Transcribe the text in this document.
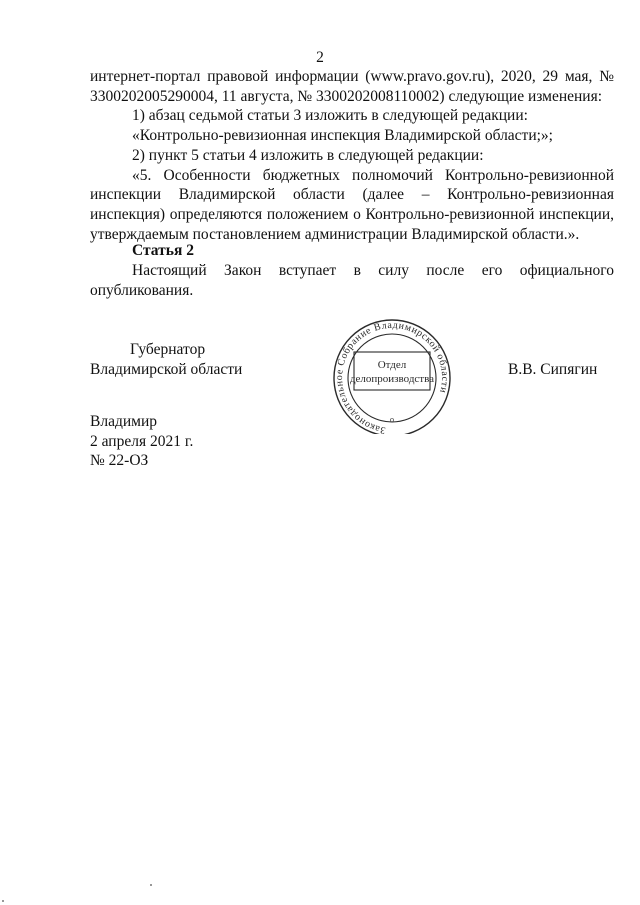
2

интернет-портал правовой информации (www.pravo.gov.ru), 2020, 29 мая, № 3300202005290004, 11 августа, № 3300202008110002) следующие изменения:

1) абзац седьмой статьи 3 изложить в следующей редакции:

«Контрольно-ревизионная инспекция Владимирской области;»;

2) пункт 5 статьи 4 изложить в следующей редакции:

«5. Особенности бюджетных полномочий Контрольно-ревизионной инспекции Владимирской области (далее – Контрольно-ревизионная инспекция) определяются положением о Контрольно-ревизионной инспекции, утверждаемым постановлением администрации Владимирской области.».

Статья 2

Настоящий Закон вступает в силу после его официального

опубликования.

Губернатор
Владимирской области
Законодательное Собрание Владимирской области
Отдел
делопроизводства
о
В.В. Сипягин
Владимир
2 апреля 2021 г.
№ 22-ОЗ
